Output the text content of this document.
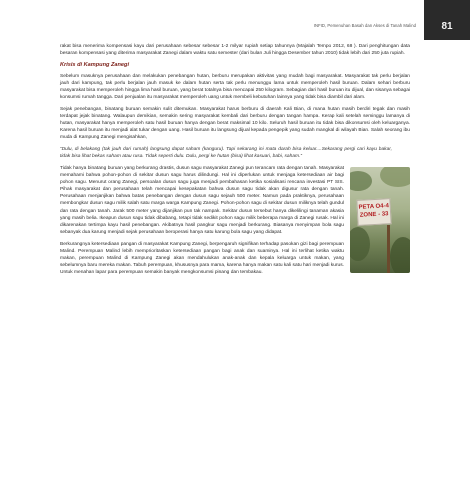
INFID, Pemenuhan Basah dan Akses di Tanah Malind	81

rakat bisa menerima kompensasi kayu dari perusahaan sebesar sebesar 1-2 milyar rupiah setiap tahunnya (Majalah Tempo 2012, 68 ). Dari penghitungan data besaran kompensasi yang diterima masyarakat Zanegi dalam waktu satu semester (dari bulan Juli hingga Desember tahun 2010) tidak lebih dari 250 juta rupiah.

Krisis di Kampung Zanegi

Sebelum masuknya perusahaan dan melakukan penebangan hutan, berburu merupakan aktivitas yang mudah bagi masyarakat. Masyarakat tak perlu berjalan jauh dari kampung, tak perlu berjalan jauh masuk ke dalam hutan serta tak perlu menunggu lama untuk memperoleh hasil buruan. Dalam sehari berburu masyarakat bisa memperoleh hingga lima hasil buruan, yang berat totalnya bisa mencapai 250 kilogram. Sebagian dari hasil buruan itu dijual, dan sisanya sebagai konsumsi rumah tangga. Dari penjualan itu masyarakat memperoleh uang untuk membeli kebutuhan lainnya yang tidak bisa diambil dari alam.

Sejak penebangan, binatang buruan semakin sulit ditemukan. Masyarakat harus berburu di daerah Kali Bian, di mana hutan masih berdiri tegak dan masih terdapat jejak binatang. Walaupun demikian, semakin sering masyarakat kembali dari berburu dengan tangan hampa. Kerap kali setelah seminggu lamanya di hutan, masyarakat hanya memperoleh satu hasil buruan hanya dengan berat maksimal 10 kilo. Seluruh hasil buruan itu tidak bisa dikonsumsi oleh keluarganya. Karena hasil buruan itu menjadi alat tukar dengan uang. Hasil buruan itu langsung dijual kepada pengepik yang sudah mangkal di wilayah Bian. Salah seorang ibu muda di Kampung Zanegi mengisahkan,

“Dulu, di belakang (tak jauh dari rumah) langsung dapat saham (kanguru). Tapi sekarang ini mata darah bisa keluar....Sekarang pergi cari kayu bakar, tidak bisa lihat bekas saham atau rusa. Tidak seperti dulu. Dulu, pergi ke hutan (bisa) lihat kasuari, babi, saham.”

PETA O4-4
ZONE - 33

Tidak hanya binatang buruan yang berkurang drastis, dusun sagu masyarakat Zanegi pun terancam rata dengan tanah. Masyarakat memahami bahwa pohon-pohon di sekitar dusun sagu harus dilindungi. Hal ini diperlukan untuk menjaga ketersediaan air bagi pohon sagu. Menurut orang Zanegi, persoalan dusun sagu juga menjadi pembahasan ketika sosialisasi rencana investasi PT SIS. Pihak masyarakat dan perusahaan telah mencapai kesepakatan bahwa dusun sagu tidak akan digusur rata dengan tanah. Perusahaan menjanjikan bahwa batas penebangan dengan dusun sagu sejauh 500 meter. Namun pada praktiknya, perusahaan membongkar dusun sagu milik salah satu marga warga Kampung Zanegi. Pohon-pohon sagu di sekitar dusun miliknya telah gundul dan rata dengan tanah. Jarak 500 meter yang dijanjikan pun tak nampak. Sekitar dusun tersebut hanya dikelilingi tanaman akasia yang masih belia. Ikeapun dusun sagu tidak dibabang, tetapi tidak sedikit pohon sagu milik beberapa marga di Zanegi rusak. Hal ini dikarenakan tertimpa kayu hasil penebangan. Akibatnya hasil pangkur sagu menjadi berkurang. Biasanya menyimpan bola sagu sebanyak dua karung menjadi sejak perusahaan beroperasi hanya satu karung bola sagu yang didapat.

Berkurangnya ketersediaan pangan di masyarakat Kampung Zanegi, berpengaruh signifikan terhadap pasokan gizi bagi perempuan Malind. Perempuan Malind lebih memprioritaskan ketersediaan pangan bagi anak dan suaminya. Hal ini terlihat ketika waktu makan, perempuan Malind di Kampung Zanegi akan mendahulukan anak-anak dan kepala keluarga untuk makan, yang sebelumnya baru mereka makan. Tabuh perempuan, khususnya para mama, karena hanya makan satu kali satu hari menjadi kurus. Untuk menahan lapar para perempuan semakin banyak mengkonsumsi pinang dan tembakau.
